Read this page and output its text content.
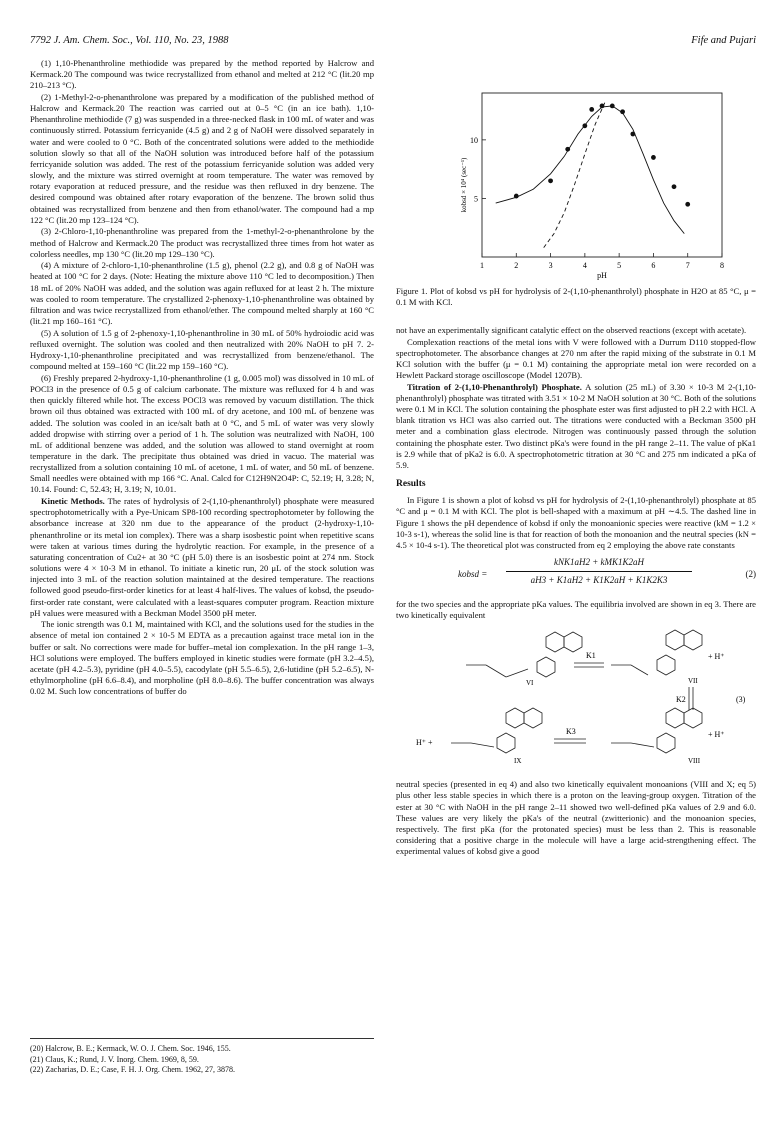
7792 J. Am. Chem. Soc., Vol. 110, No. 23, 1988	Fife and Pujari

(1) 1,10-Phenanthroline methiodide was prepared by the method reported by Halcrow and Kermack.20 The compound was twice recrystallized from ethanol and melted at 212 °C (lit.20 mp 210–213 °C).

(2) 1-Methyl-2-o-phenanthrolone was prepared by a modification of the published method of Halcrow and Kermack.20 The reaction was carried out at 0–5 °C (in an ice bath). 1,10-Phenanthroline methiodide (7 g) was suspended in a three-necked flask in 100 mL of water and was continuously stirred. Potassium ferricyanide (4.5 g) and 2 g of NaOH were dissolved separately in water and were cooled to 0 °C. Both of the concentrated solutions were added to the methiodide solution slowly so that all of the NaOH solution was introduced before half of the potassium ferricyanide solution was added. The rest of the potassium ferricyanide solution was added very slowly, and the mixture was stirred overnight at room temperature. The water was removed by rotary evaporation at reduced pressure, and the residue was then refluxed in dry benzene. The desired compound was obtained after rotary evaporation of the benzene. The brown solid thus obtained was recrystallized from benzene and then from ethanol/water. The compound had a mp 122 °C (lit.20 mp 123–124 °C).

(3) 2-Chloro-1,10-phenanthroline was prepared from the 1-methyl-2-o-phenanthrolone by the method of Halcrow and Kermack.20 The product was recrystallized three times from hot water as colorless needles, mp 130 °C (lit.20 mp 129–130 °C).

(4) A mixture of 2-chloro-1,10-phenanthroline (1.5 g), phenol (2.2 g), and 0.8 g of NaOH was heated at 100 °C for 2 days. (Note: Heating the mixture above 110 °C led to decomposition.) Then 18 mL of 20% NaOH was added, and the solution was again refluxed for at least 2 h. The mixture was cooled to room temperature. The crystallized 2-phenoxy-1,10-phenanthroline was obtained by filtration and was twice recrystallized from ethanol/ether. The compound melted sharply at 160 °C (lit.21 mp 160–161 °C).

(5) A solution of 1.5 g of 2-phenoxy-1,10-phenanthroline in 30 mL of 50% hydroiodic acid was refluxed overnight. The solution was cooled and then neutralized with 20% NaOH to pH 7. 2-Hydroxy-1,10-phenanthroline precipitated and was recrystallized from benzene/ethanol. The compound melted at 159–160 °C (lit.22 mp 159–160 °C).

(6) Freshly prepared 2-hydroxy-1,10-phenanthroline (1 g, 0.005 mol) was dissolved in 10 mL of POCl3 in the presence of 0.5 g of calcium carbonate. The mixture was refluxed for 4 h and was then quickly filtered while hot. The excess POCl3 was removed by vacuum distillation. The thick brown oil thus obtained was extracted with 100 mL of dry acetone, and 100 mL of benzene was added. The solution was cooled in an ice/salt bath at 0 °C, and 5 mL of water was very slowly added dropwise with stirring over a period of 1 h. The solution was neutralized with NaOH, 100 mL of additional benzene was added, and the solution was allowed to stand overnight at room temperature in the dark. The precipitate thus obtained was dried in vacuo. The material was recrystallized from a solution containing 10 mL of acetone, 1 mL of water, and 50 mL of benzene. Small needles were obtained with mp 166 °C. Anal. Calcd for C12H9N2O4P: C, 52.19; H, 3.28; N, 10.14. Found: C, 52.43; H, 3.19; N, 10.01.

Kinetic Methods. The rates of hydrolysis of 2-(1,10-phenanthrolyl) phosphate were measured spectrophotometrically with a Pye-Unicam SP8-100 recording spectrophotometer by following the absorbance increase at 320 nm due to the appearance of the product (2-hydroxy-1,10-phenanthroline or its metal ion complex). There was a sharp isosbestic point when repetitive scans were taken at various times during the hydrolytic reaction. For example, in the presence of a saturating concentration of Cu2+ at 30 °C (pH 5.0) there is an isosbestic point at 274 nm. Stock solutions were 4 × 10-3 M in ethanol. To initiate a kinetic run, 20 μL of the stock solution was injected into 3 mL of the reaction solution maintained at the desired temperature. The reactions followed good pseudo-first-order kinetics for at least 4 half-lives. The values of kobsd, the pseudo-first-order rate constant, were calculated with a least-squares computer program. Reaction mixture pH values were measured with a Beckman Model 3500 pH meter.

The ionic strength was 0.1 M, maintained with KCl, and the solutions used for the studies in the absence of metal ion contained 2 × 10-5 M EDTA as a precaution against trace metal ion in the buffer or salt. No corrections were made for buffer–metal ion complexation. In the pH range 1–3, HCl solutions were employed. The buffers employed in kinetic studies were formate (pH 3.2–4.5), acetate (pH 4.2–5.3), pyridine (pH 4.0–5.5), cacodylate (pH 5.5–6.5), 2,6-lutidine (pH 5.2–6.5), N-ethylmorpholine (pH 6.6–8.4), and morpholine (pH 8.0–8.6). The buffer concentration was always 0.02 M. Such low concentrations of buffer do

(20) Halcrow, B. E.; Kermack, W. O. J. Chem. Soc. 1946, 155.
(21) Claus, K.; Rund, J. V. Inorg. Chem. 1969, 8, 59.
(22) Zacharias, D. E.; Case, F. H. J. Org. Chem. 1962, 27, 3878.
1	2	3	4	5	6	7	8
5
10
pH
kobsd × 10⁴ (sec⁻¹)
Figure 1. Plot of kobsd vs pH for hydrolysis of 2-(1,10-phenanthrolyl) phosphate in H2O at 85 °C, μ = 0.1 M with KCl.

not have an experimentally significant catalytic effect on the observed reactions (except with acetate).

Complexation reactions of the metal ions with V were followed with a Durrum D110 stopped-flow spectrophotometer. The absorbance changes at 270 nm after the rapid mixing of the substrate in 0.1 M KCl solution with the buffer (μ = 0.1 M) containing the appropriate metal ion were recorded on a Hewlett Packard storage oscilloscope (Model 1207B).

Titration of 2-(1,10-Phenanthrolyl) Phosphate. A solution (25 mL) of 3.30 × 10-3 M 2-(1,10-phenanthrolyl) phosphate was titrated with 3.51 × 10-2 M NaOH solution at 30 °C. Both of the solutions were 0.1 M in KCl. The solution containing the phosphate ester was first adjusted to pH 2.2 with HCl. A blank titration vs HCl was also carried out. The titrations were conducted with a Beckman 3500 pH meter and a combination glass electrode. Nitrogen was continuously passed through the solution containing the phosphate ester. Two distinct pKa's were found in the pH range 2–11. The value of pKa1 is 2.9 while that of pKa2 is 6.0. A spectrophotometric titration at 30 °C and 275 nm indicated a pKa of 5.9.

Results

In Figure 1 is shown a plot of kobsd vs pH for hydrolysis of 2-(1,10-phenanthrolyl) phosphate at 85 °C and μ = 0.1 M with KCl. The plot is bell-shaped with a maximum at pH ∼4.5. The dashed line in Figure 1 shows the pH dependence of kobsd if only the monoanionic species were reactive (kM = 1.2 × 10-3 s-1), whereas the solid line is that for reaction of both the monoanion and the neutral species (kN = 4.5 × 10-4 s-1). The theoretical plot was constructed from eq 2 employing the above rate constants

kobsd =
kNK1aH2 + kMK1K2aH
aH3 + K1aH2 + K1K2aH + K1K2K3
(2)

for the two species and the appropriate pKa values. The equilibria involved are shown in eq 3. There are two kinetically equivalent

K1
K2
K3
(3)
VI	VII
VIII
IX
+ H⁺
+ H⁺
H⁺ +

neutral species (presented in eq 4) and also two kinetically equivalent monoanions (VIII and X; eq 5) plus other less stable species in which there is a proton on the leaving-group oxygen. Titration of the ester at 30 °C with NaOH in the pH range 2–11 showed two well-defined pKa values of 2.9 and 6.0. These values are very likely the pKa's of the neutral (zwitterionic) and the monoanion species, respectively. The first pKa (for the protonated species) must be less than 2. This is reasonable considering that a positive charge in the molecule will have a large acid-strengthening effect. The experimental values of kobsd give a good
